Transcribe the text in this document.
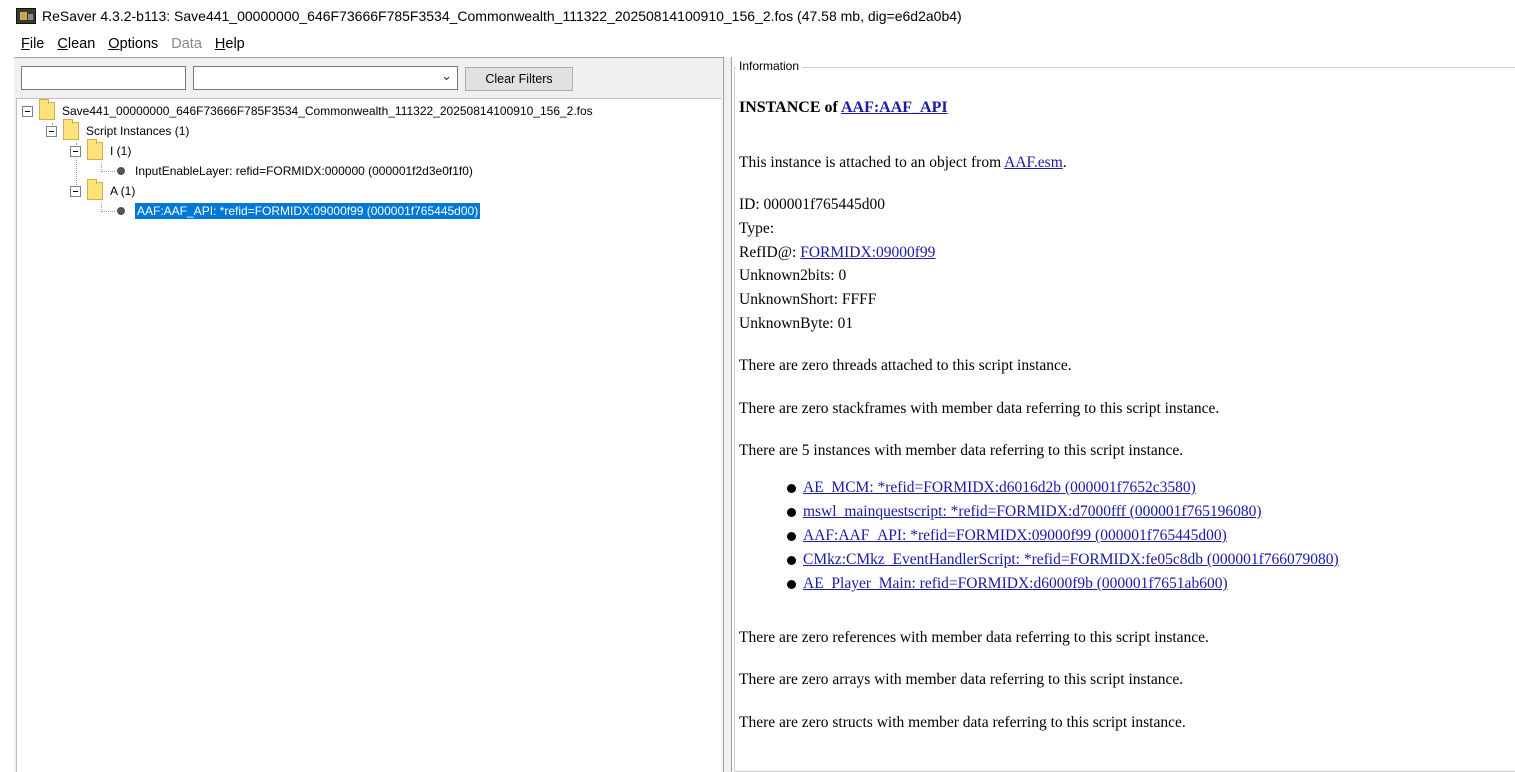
ReSaver 4.3.2-b113: Save441_00000000_646F73666F785F3534_Commonwealth_111322_20250814100910_156_2.fos (47.58 mb, dig=e6d2a0b4)
File Clean Options Data Help
⌄	Clear Filters
Save441_00000000_646F73666F785F3534_Commonwealth_111322_20250814100910_156_2.fos
Script Instances (1)
I (1)
InputEnableLayer: refid=FORMIDX:000000 (000001f2d3e0f1f0)
A (1)
AAF:AAF_API: *refid=FORMIDX:09000f99 (000001f765445d00)
Information
INSTANCE of AAF:AAF_API
This instance is attached to an object from AAF.esm.
ID: 000001f765445d00
Type:
RefID@: FORMIDX:09000f99
Unknown2bits: 0
UnknownShort: FFFF
UnknownByte: 01
There are zero threads attached to this script instance.
There are zero stackframes with member data referring to this script instance.
There are 5 instances with member data referring to this script instance.
AE_MCM: *refid=FORMIDX:d6016d2b (000001f7652c3580)
mswl_mainquestscript: *refid=FORMIDX:d7000fff (000001f765196080)
AAF:AAF_API: *refid=FORMIDX:09000f99 (000001f765445d00)
CMkz:CMkz_EventHandlerScript: *refid=FORMIDX:fe05c8db (000001f766079080)
AE_Player_Main: refid=FORMIDX:d6000f9b (000001f7651ab600)
There are zero references with member data referring to this script instance.
There are zero arrays with member data referring to this script instance.
There are zero structs with member data referring to this script instance.
